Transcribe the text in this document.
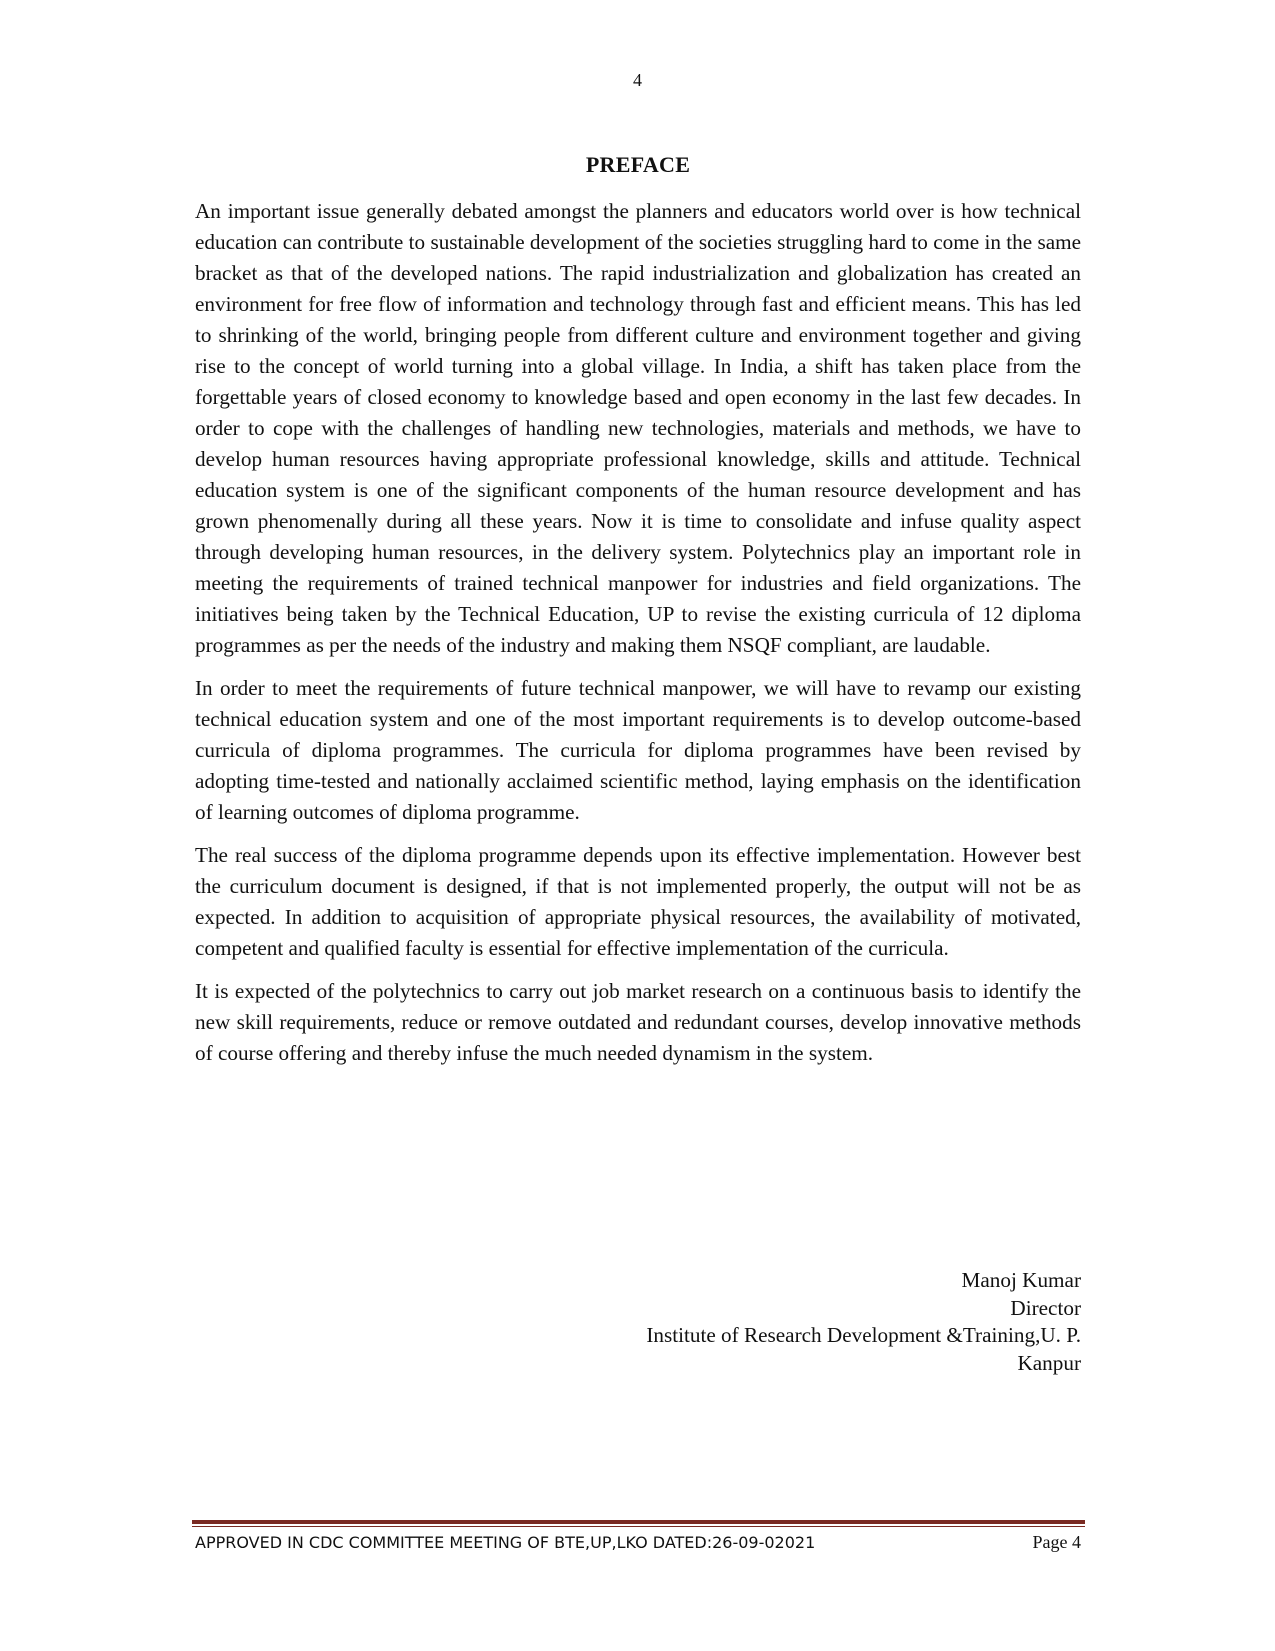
4
PREFACE

An important issue generally debated amongst the planners and educators world over is how technical education can contribute to sustainable development of the societies struggling hard to come in the same bracket as that of the developed nations. The rapid industrialization and globalization has created an environment for free flow of information and technology through fast and efficient means. This has led to shrinking of the world, bringing people from different culture and environment together and giving rise to the concept of world turning into a global village. In India, a shift has taken place from the forgettable years of closed economy to knowledge based and open economy in the last few decades. In order to cope with the challenges of handling new technologies, materials and methods, we have to develop human resources having appropriate professional knowledge, skills and attitude. Technical education system is one of the significant components of the human resource development and has grown phenomenally during all these years. Now it is time to consolidate and infuse quality aspect through developing human resources, in the delivery system. Polytechnics play an important role in meeting the requirements of trained technical manpower for industries and field organizations. The initiatives being taken by the Technical Education, UP to revise the existing curricula of 12 diploma programmes as per the needs of the industry and making them NSQF compliant, are laudable.

In order to meet the requirements of future technical manpower, we will have to revamp our existing technical education system and one of the most important requirements is to develop outcome-based curricula of diploma programmes. The curricula for diploma programmes have been revised by adopting time-tested and nationally acclaimed scientific method, laying emphasis on the identification of learning outcomes of diploma programme.

The real success of the diploma programme depends upon its effective implementation. However best the curriculum document is designed, if that is not implemented properly, the output will not be as expected. In addition to acquisition of appropriate physical resources, the availability of motivated, competent and qualified faculty is essential for effective implementation of the curricula.

It is expected of the polytechnics to carry out job market research on a continuous basis to identify the new skill requirements, reduce or remove outdated and redundant courses, develop innovative methods of course offering and thereby infuse the much needed dynamism in the system.

Manoj Kumar
Director
Institute of Research Development &Training,U. P.
Kanpur
APPROVED IN CDC COMMITTEE MEETING OF BTE,UP,LKO DATED:26-09-02021	Page 4
